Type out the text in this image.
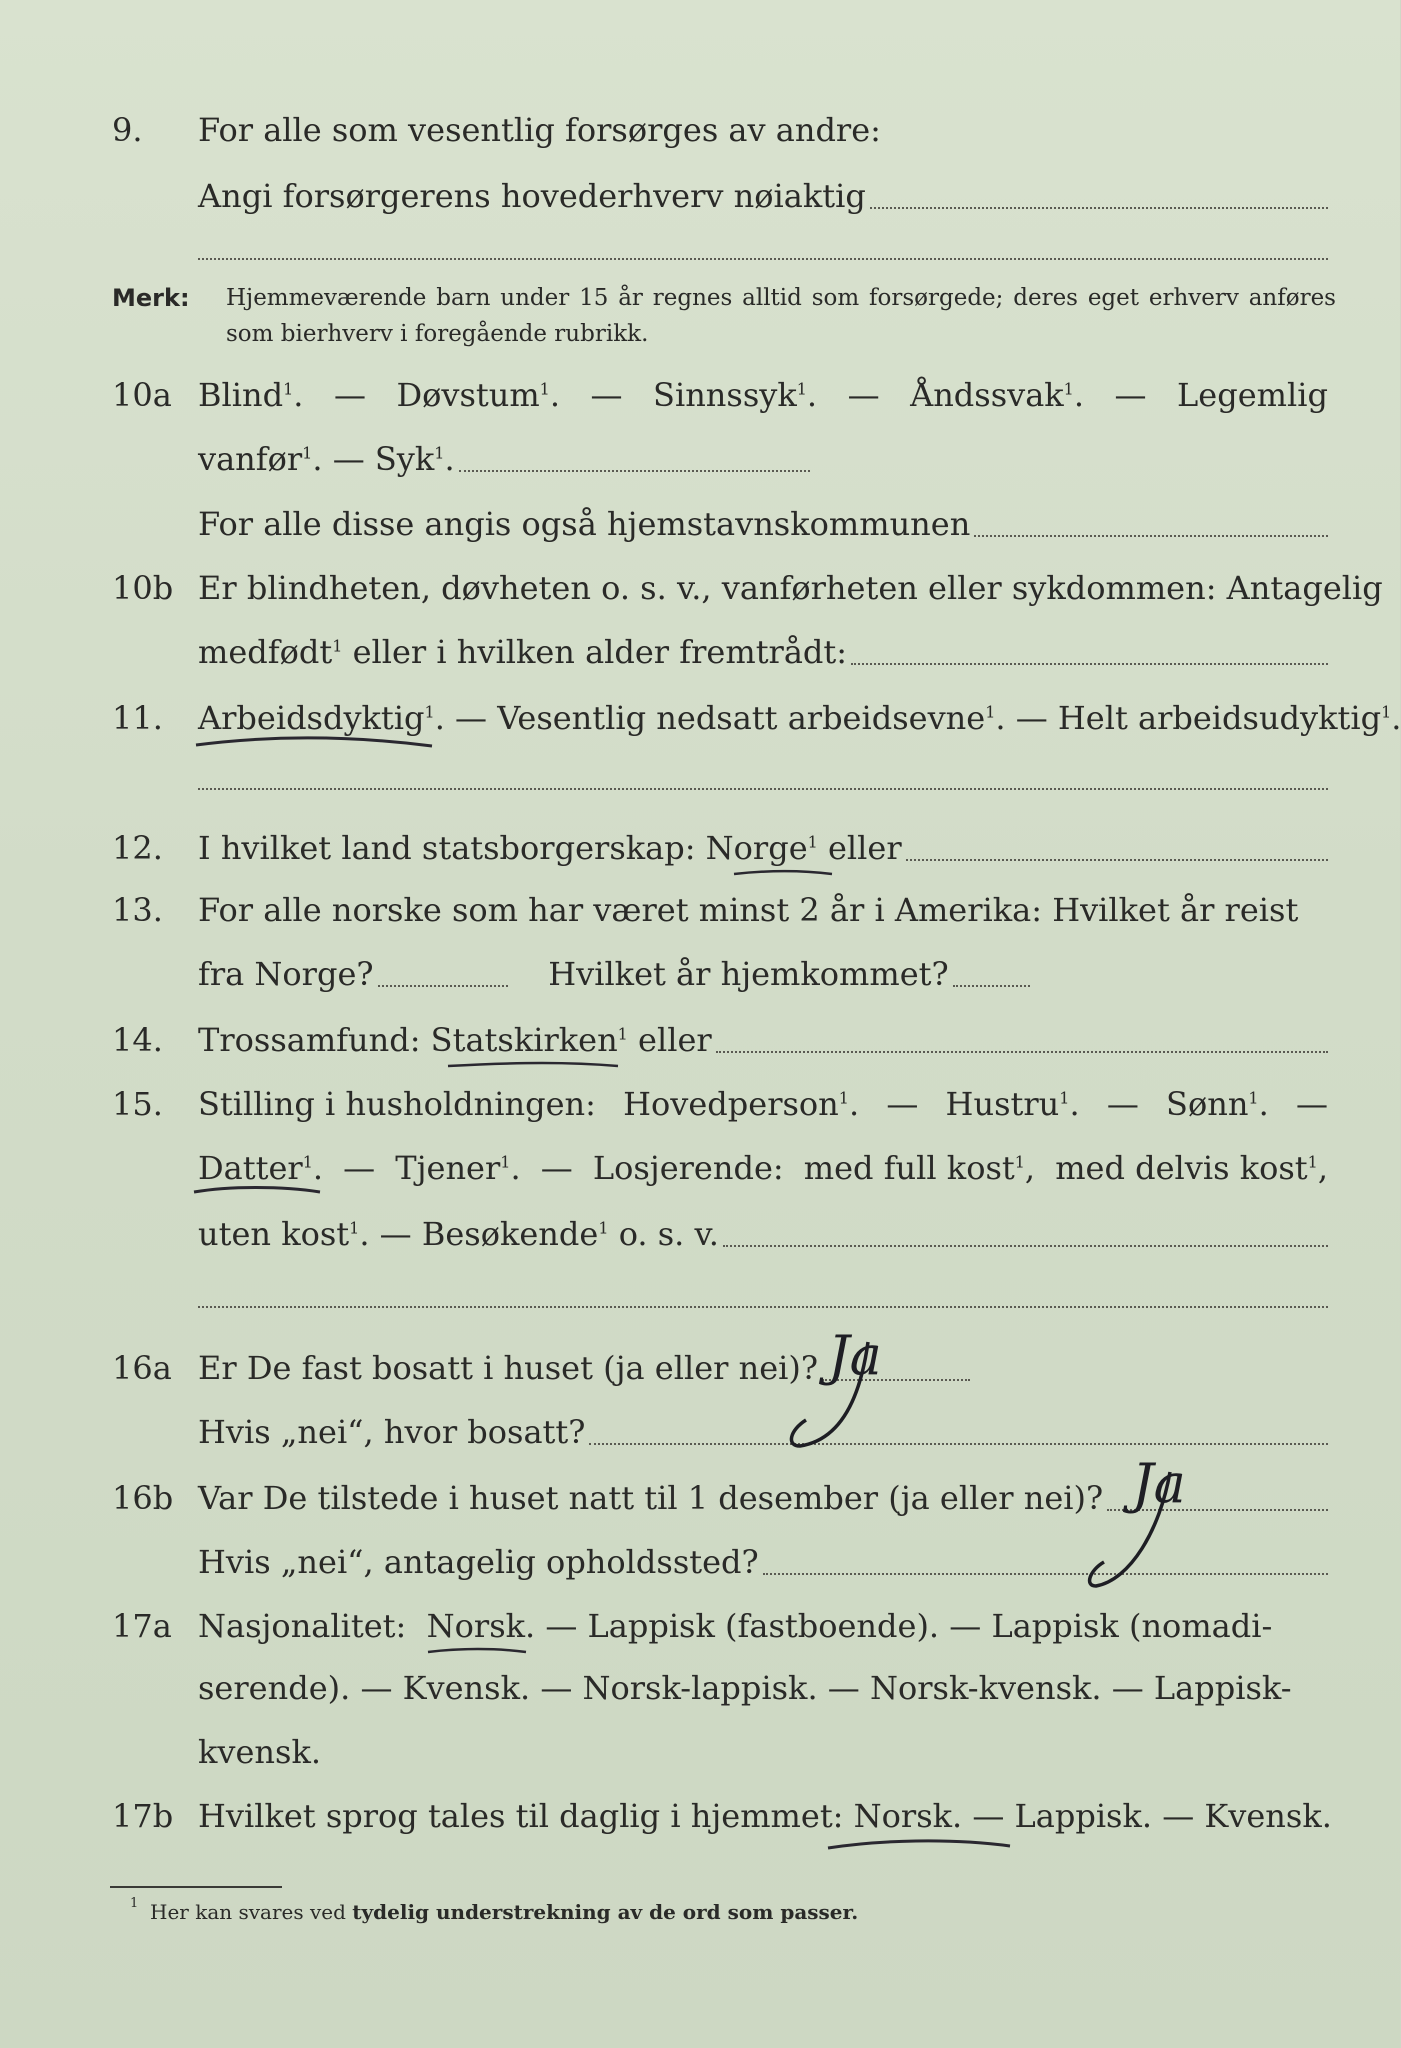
9.	For alle som vesentlig forsørges av andre:
Angi forsørgerens hovederhverv nøiaktig
Merk: Hjemmeværende barn under 15 år regnes alltid som forsørgede; deres eget erhverv anføres som bierhverv i foregående rubrikk.
10a Blind$^1$. — Døvstum$^1$. — Sinnssyk$^1$. — Åndssvak$^1$. — Legemlig
vanfør$^1$. — Syk$^1$.
For alle disse angis også hjemstavnskommunen
10b Er blindheten, døvheten o. s. v., vanførheten eller sykdommen: Antagelig
medfødt$^1$ eller i hvilken alder fremtrådt:
11.	Arbeidsdyktig$^1$. — Vesentlig nedsatt arbeidsevne$^1$. — Helt arbeidsudyktig$^1$.
12.	I hvilket land statsborgerskap:
Norge$^1$ eller
13.	For alle norske som har været minst 2 år i Amerika: Hvilket år reist
fra Norge?
	Hvilket år hjemkommet?
14.	Trossamfund:
Statskirken$^1$ eller
15.	Stilling i husholdningen: Hovedperson$^1$. — Hustru$^1$. — Sønn$^1$. —
Datter$^1$. — Tjener$^1$. — Losjerende: med full kost$^1$, med delvis kost$^1$,
uten kost$^1$. — Besøkende$^1$ o. s. v.
16a Er De fast bosatt i huset (ja eller nei)? Ja
Hvis „nei“, hvor bosatt?
16b Var De tilstede i huset natt til 1 desember (ja eller nei)? Ja
Hvis „nei“, antagelig opholdssted?
17a Nasjonalitet:
Norsk.
— Lappisk (fastboende). — Lappisk (nomadi-
serende). — Kvensk. — Norsk-lappisk. — Norsk-kvensk. — Lappisk-
kvensk.
17b Hvilket sprog tales til daglig i hjemmet:
Norsk.
— Lappisk. — Kvensk.
1 Her kan svares ved tydelig understrekning av de ord som passer.
